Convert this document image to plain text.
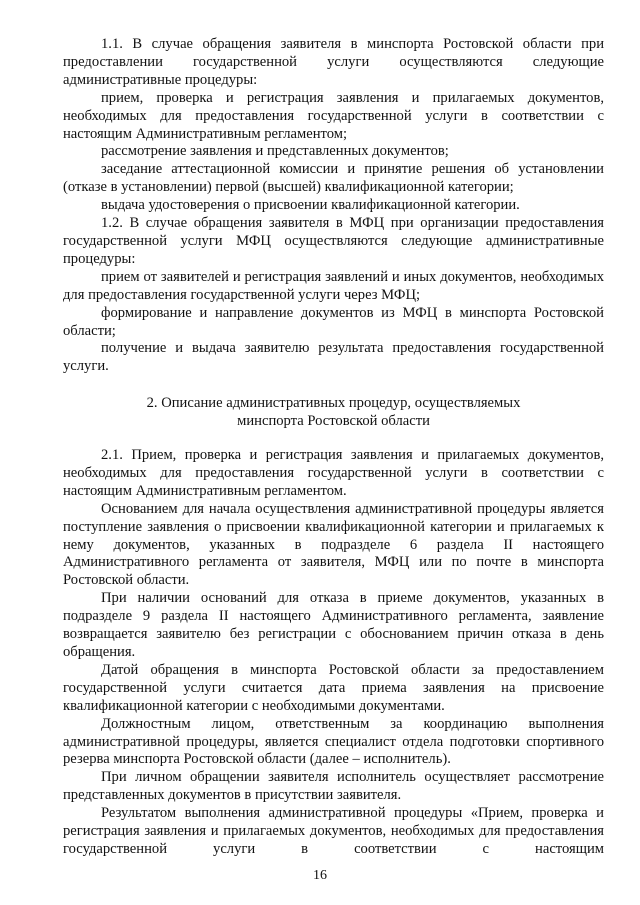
1.1. В случае обращения заявителя в минспорта Ростовской области при предоставлении государственной услуги осуществляются следующие административные процедуры:

прием, проверка и регистрация заявления и прилагаемых документов, необходимых для предоставления государственной услуги в соответствии с настоящим Административным регламентом;

рассмотрение заявления и представленных документов;

заседание аттестационной комиссии и принятие решения об установлении (отказе в установлении) первой (высшей) квалификационной категории;

выдача удостоверения о присвоении квалификационной категории.

1.2. В случае обращения заявителя в МФЦ при организации предоставления государственной услуги МФЦ осуществляются следующие административные процедуры:

прием от заявителей и регистрация заявлений и иных документов, необходимых для предоставления государственной услуги через МФЦ;

формирование и направление документов из МФЦ в минспорта Ростовской области;

получение и выдача заявителю результата предоставления государственной услуги.

2. Описание административных процедур, осуществляемых
минспорта Ростовской области

2.1. Прием, проверка и регистрация заявления и прилагаемых документов, необходимых для предоставления государственной услуги в соответствии с настоящим Административным регламентом.

Основанием для начала осуществления административной процедуры является поступление заявления о присвоении квалификационной категории и прилагаемых к нему документов, указанных в подразделе 6 раздела II настоящего Административного регламента от заявителя, МФЦ или по почте в минспорта Ростовской области.

При наличии оснований для отказа в приеме документов, указанных в подразделе 9 раздела II настоящего Административного регламента, заявление возвращается заявителю без регистрации с обоснованием причин отказа в день обращения.

Датой обращения в минспорта Ростовской области за предоставлением государственной услуги считается дата приема заявления на присвоение квалификационной категории с необходимыми документами.

Должностным лицом, ответственным за координацию выполнения административной процедуры, является специалист отдела подготовки спортивного резерва минспорта Ростовской области (далее – исполнитель).

При личном обращении заявителя исполнитель осуществляет рассмотрение представленных документов в присутствии заявителя.

Результатом выполнения административной процедуры «Прием, проверка и регистрация заявления и прилагаемых документов, необходимых для предоставления государственной услуги в соответствии с настоящим

16
